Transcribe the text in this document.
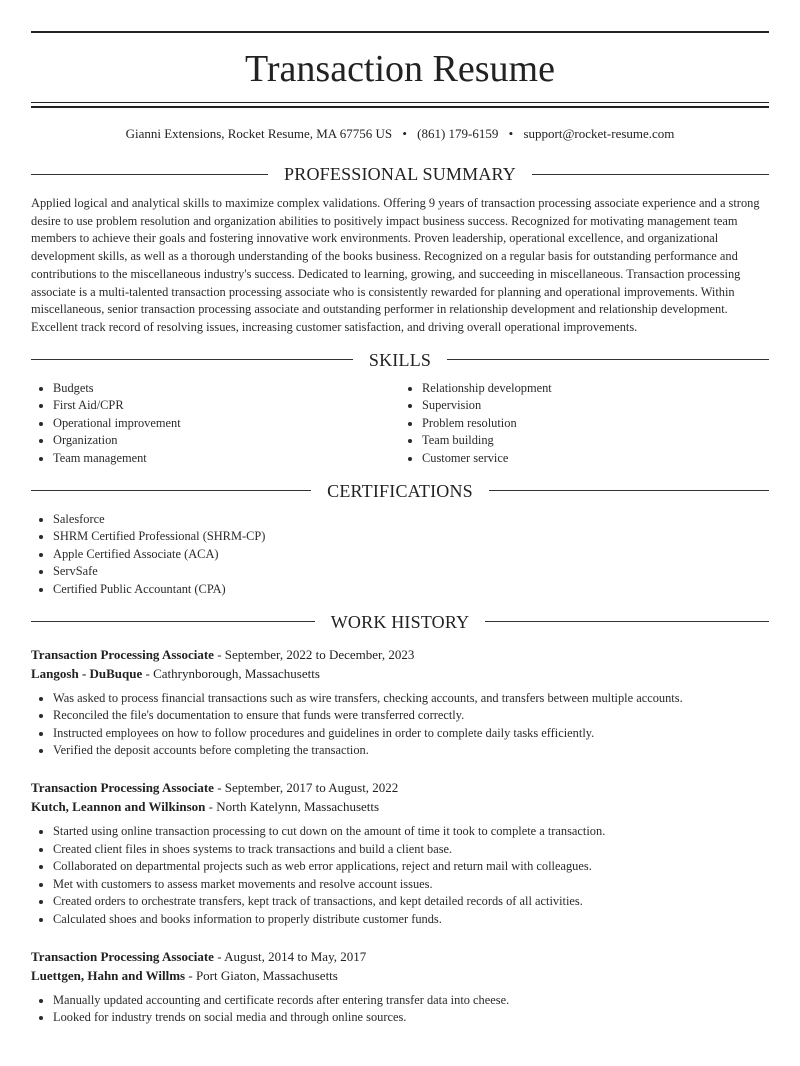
Transaction Resume
Gianni Extensions, Rocket Resume, MA 67756 US • (861) 179-6159 • support@rocket-resume.com
PROFESSIONAL SUMMARY

Applied logical and analytical skills to maximize complex validations. Offering 9 years of transaction processing associate experience and a strong desire to use problem resolution and organization abilities to positively impact business success. Recognized for motivating management team members to achieve their goals and fostering innovative work environments. Proven leadership, operational excellence, and organizational development skills, as well as a thorough understanding of the books business. Recognized on a regular basis for outstanding performance and contributions to the miscellaneous industry's success. Dedicated to learning, growing, and succeeding in miscellaneous. Transaction processing associate is a multi-talented transaction processing associate who is consistently rewarded for planning and operational improvements. Within miscellaneous, senior transaction processing associate and outstanding performer in relationship development and relationship development. Excellent track record of resolving issues, increasing customer satisfaction, and driving overall operational improvements.

SKILLS
• Budgets
• First Aid/CPR
• Operational improvement
• Organization
• Team management
• Relationship development
• Supervision
• Problem resolution
• Team building
• Customer service
CERTIFICATIONS
• Salesforce
• SHRM Certified Professional (SHRM-CP)
• Apple Certified Associate (ACA)
• ServSafe
• Certified Public Accountant (CPA)
WORK HISTORY
Transaction Processing Associate - September, 2022 to December, 2023
Langosh - DuBuque - Cathrynborough, Massachusetts
• Was asked to process financial transactions such as wire transfers, checking accounts, and transfers between multiple accounts.
• Reconciled the file's documentation to ensure that funds were transferred correctly.
• Instructed employees on how to follow procedures and guidelines in order to complete daily tasks efficiently.
• Verified the deposit accounts before completing the transaction.
Transaction Processing Associate - September, 2017 to August, 2022
Kutch, Leannon and Wilkinson - North Katelynn, Massachusetts
• Started using online transaction processing to cut down on the amount of time it took to complete a transaction.
• Created client files in shoes systems to track transactions and build a client base.
• Collaborated on departmental projects such as web error applications, reject and return mail with colleagues.
• Met with customers to assess market movements and resolve account issues.
• Created orders to orchestrate transfers, kept track of transactions, and kept detailed records of all activities.
• Calculated shoes and books information to properly distribute customer funds.
Transaction Processing Associate - August, 2014 to May, 2017
Luettgen, Hahn and Willms - Port Giaton, Massachusetts
• Manually updated accounting and certificate records after entering transfer data into cheese.
• Looked for industry trends on social media and through online sources.
